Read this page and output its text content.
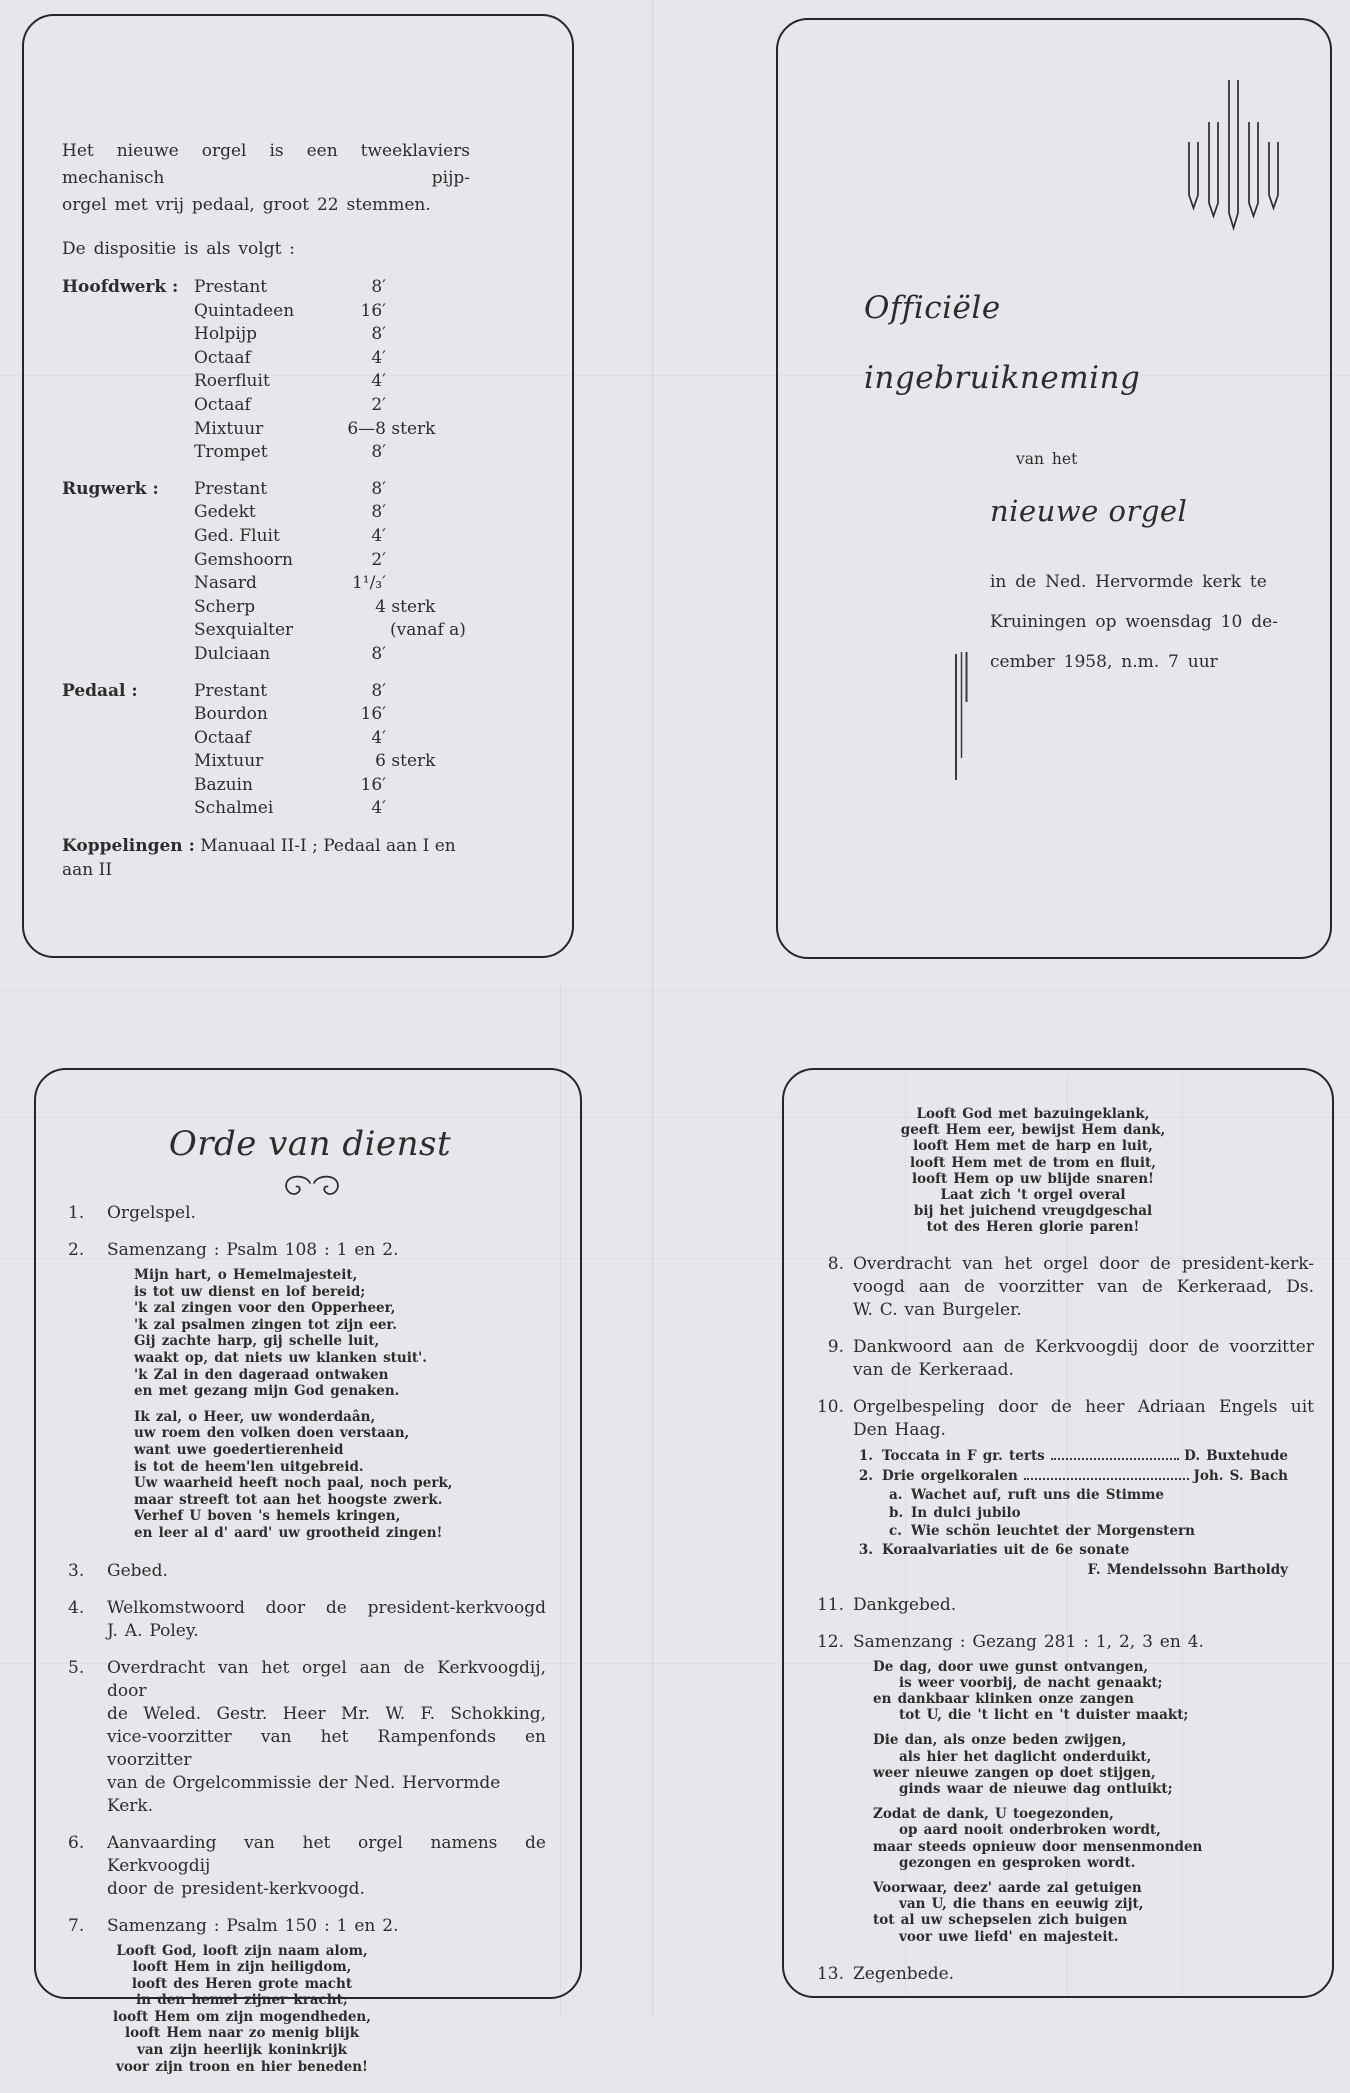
Het nieuwe orgel is een tweeklaviers mechanisch pijp-
orgel met vrij pedaal, groot 22 stemmen.

De dispositie is als volgt :

Hoofdwerk : Prestant	8′
Quintadeen	16′
Holpijp	8′
Octaaf	4′
Roerfluit	4′
Octaaf	2′
Mixtuur	6—8 sterk
Trompet	8′
Rugwerk :	Prestant	8′
Gedekt	8′
Ged. Fluit	4′
Gemshoorn	2′
Nasard	1¹/₃′
Scherp	4 sterk
Sexquialter	(vanaf a)
Dulciaan	8′
Pedaal :	Prestant	8′
Bourdon	16′
Octaaf	4′
Mixtuur	6 sterk
Bazuin	16′
Schalmei	4′

Koppelingen : Manuaal II-I ; Pedaal aan I en aan II

Officiële
ingebruikneming
van het
nieuwe orgel
in de Ned. Hervormde kerk te
Kruiningen op woensdag 10 de-
cember 1958, n.m. 7 uur
Orde van dienst
1.	Orgelspel.
2.	Samenzang : Psalm 108 : 1 en 2.
Mijn hart, o Hemelmajesteit,
is tot uw dienst en lof bereid;
'k zal zingen voor den Opperheer,
'k zal psalmen zingen tot zijn eer.
Gij zachte harp, gij schelle luit,
waakt op, dat niets uw klanken stuit'.
'k Zal in den dageraad ontwaken
en met gezang mijn God genaken.
Ik zal, o Heer, uw wonderdaân,
uw roem den volken doen verstaan,
want uwe goedertierenheid
is tot de heem'len uitgebreid.
Uw waarheid heeft noch paal, noch perk,
maar streeft tot aan het hoogste zwerk.
Verhef U boven 's hemels kringen,
en leer al d' aard' uw grootheid zingen!
3.	Gebed.
4.	Welkomstwoord door de president-kerkvoogd
J. A. Poley.
5.	Overdracht van het orgel aan de Kerkvoogdij, door
de Weled. Gestr. Heer Mr. W. F. Schokking,
vice-voorzitter van het Rampenfonds en voorzitter
van de Orgelcommissie der Ned. Hervormde Kerk.
6.	Aanvaarding van het orgel namens de Kerkvoogdij
door de president-kerkvoogd.
7.	Samenzang : Psalm 150 : 1 en 2.
Looft God, looft zijn naam alom,
looft Hem in zijn heiligdom,
looft des Heren grote macht
in den hemel zijner kracht;
looft Hem om zijn mogendheden,
looft Hem naar zo menig blijk
van zijn heerlijk koninkrijk
voor zijn troon en hier beneden!
Looft God met bazuingeklank,
geeft Hem eer, bewijst Hem dank,
looft Hem met de harp en luit,
looft Hem met de trom en fluit,
looft Hem op uw blijde snaren!
Laat zich 't orgel overal
bij het juichend vreugdgeschal
tot des Heren glorie paren!
8. Overdracht van het orgel door de president-kerk-
voogd aan de voorzitter van de Kerkeraad, Ds.
W. C. van Burgeler.
9. Dankwoord aan de Kerkvoogdij door de voorzitter
van de Kerkeraad.
10. Orgelbespeling door de heer Adriaan Engels uit
Den Haag.
1. Toccata in F gr. terts	D. Buxtehude
2. Drie orgelkoralen	Joh. S. Bach
a. Wachet auf, ruft uns die Stimme
b. In dulci jubilo
c. Wie schön leuchtet der Morgenstern
3. Koraalvariaties uit de 6e sonate
F. Mendelssohn Bartholdy
11. Dankgebed.
12. Samenzang : Gezang 281 : 1, 2, 3 en 4.
De dag, door uwe gunst ontvangen,
is weer voorbij, de nacht genaakt;
en dankbaar klinken onze zangen
tot U, die 't licht en 't duister maakt;
Die dan, als onze beden zwijgen,
als hier het daglicht onderduikt,
weer nieuwe zangen op doet stijgen,
ginds waar de nieuwe dag ontluikt;
Zodat de dank, U toegezonden,
op aard nooit onderbroken wordt,
maar steeds opnieuw door mensenmonden
gezongen en gesproken wordt.
Voorwaar, deez' aarde zal getuigen
van U, die thans en eeuwig zijt,
tot al uw schepselen zich buigen
voor uwe liefd' en majesteit.
13. Zegenbede.
